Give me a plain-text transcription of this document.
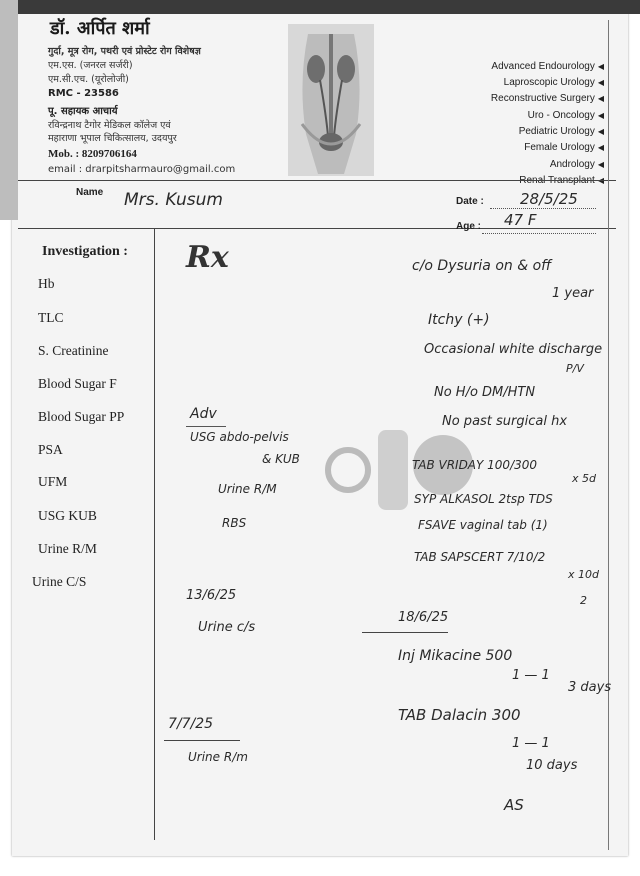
डॉ. अर्पित शर्मा
गुर्दा, मूत्र रोग, पथरी एवं प्रोस्टेट रोग विशेषज्ञ
एम.एस. (जनरल सर्जरी)
एम.सी.एच. (यूरोलोजी)
RMC - 23586
पू. सहायक आचार्य
रविन्द्रनाथ टैगोर मेडिकल कॉलेज एवं
महाराणा भूपाल चिकित्सालय, उदयपुर
Mob. : 8209706164
email : drarpitsharmauro@gmail.com
Advanced Endourology ◀
Laproscopic Urology ◀
Reconstructive Surgery ◀
Uro - Oncology ◀
Pediatric Urology ◀
Female Urology ◀
Andrology ◀
Renal Transplant ◀
Name Mrs. Kusum	Date : 28/5/25
Age : 47 F
Investigation :
Hb
TLC
S. Creatinine
Blood Sugar F
Blood Sugar PP
PSA
UFM
USG KUB
Urine R/M
Urine C/S
Rx	c/o Dysuria on & off
1 year
Itchy (+)
Occasional white discharge
P/V
No H/o DM/HTN
No past surgical hx
Adv
USG abdo-pelvis
& KUB
Urine R/M
RBS
TAB VRIDAY 100/300
x 5d
SYP ALKASOL 2tsp TDS
FSAVE vaginal tab (1)
TAB SAPSCERT 7/10/2
x 10d
2
13/6/25
Urine c/s
18/6/25
Inj Mikacine 500
1 — 1
3 days
TAB Dalacin 300
1 — 1
10 days
AS
7/7/25
Urine R/m
